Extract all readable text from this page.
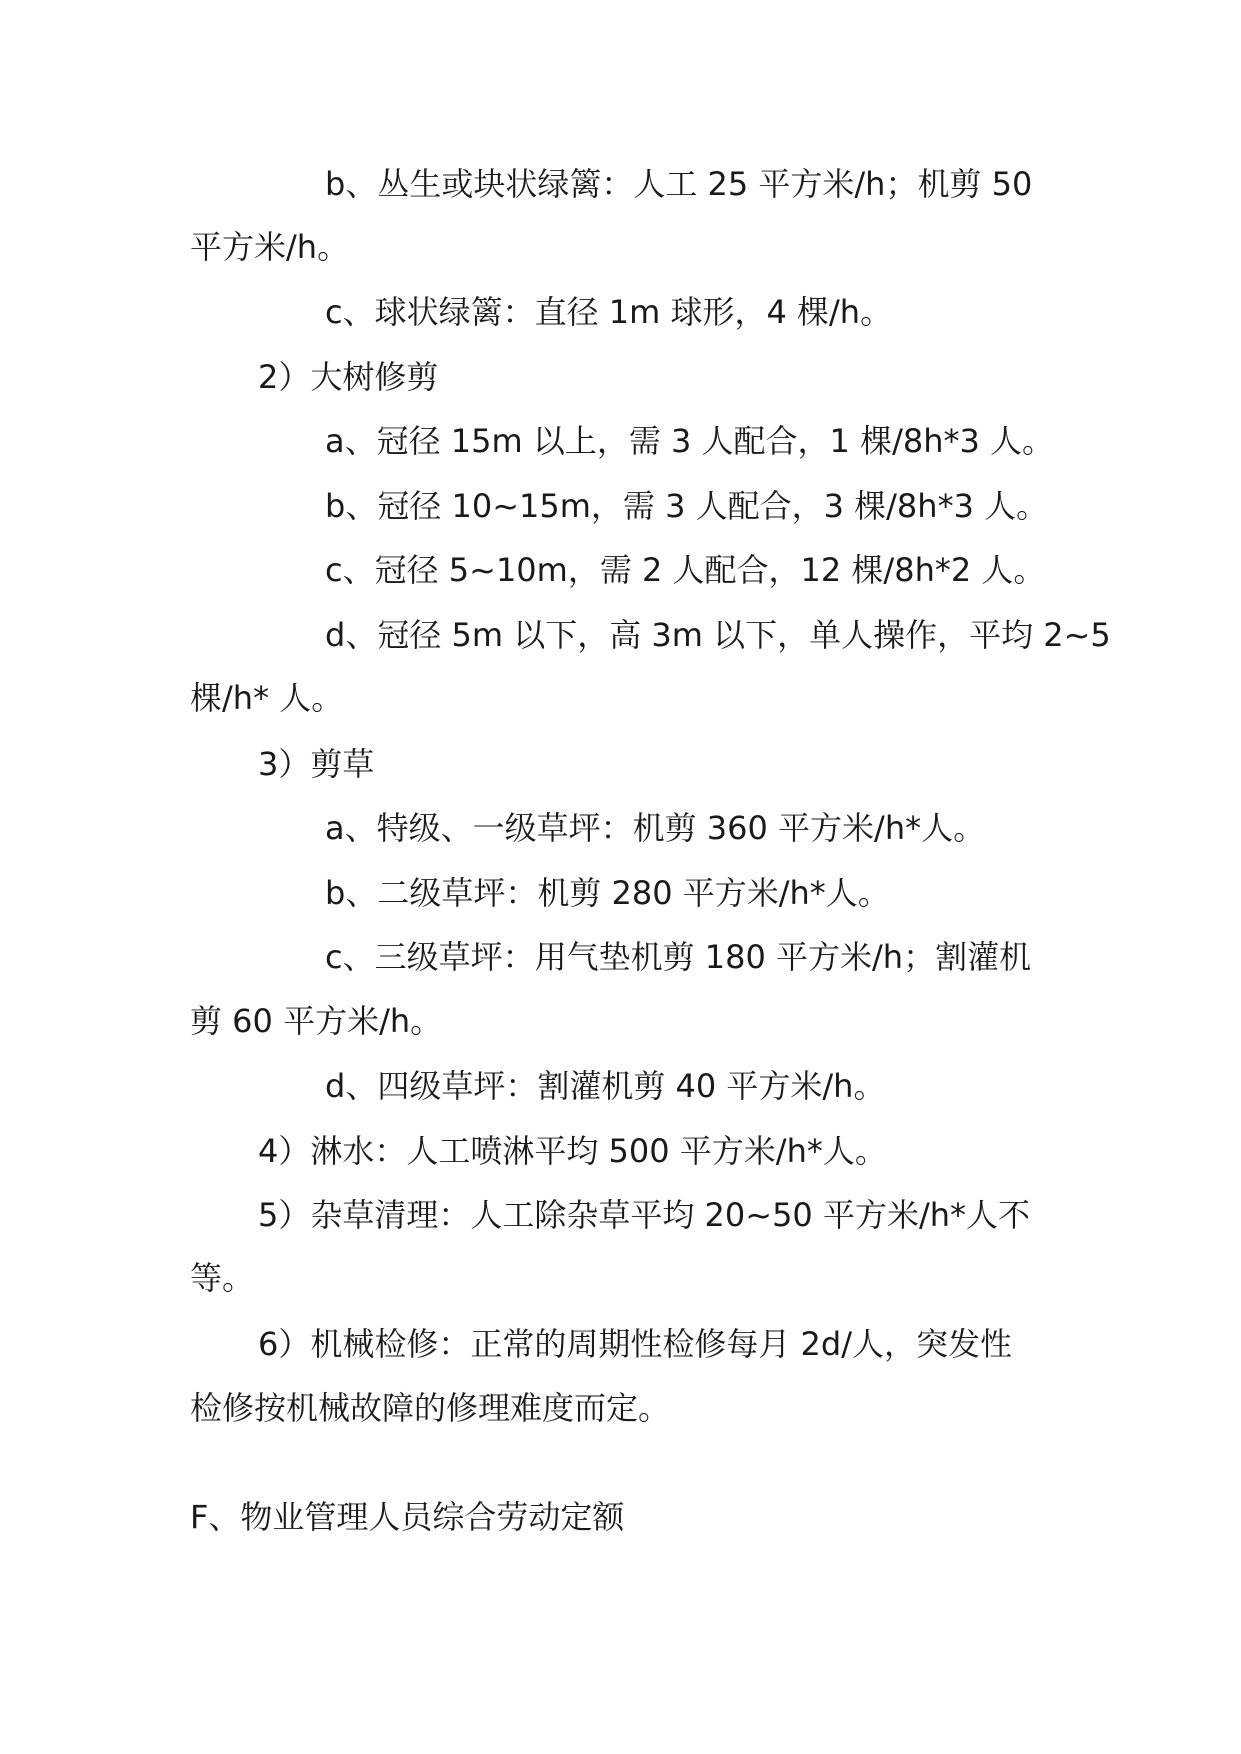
b、丛生或块状绿篱：人工 25 平方米/h；机剪 50
平方米/h。
c、球状绿篱：直径 1m 球形，4 棵/h。
2）大树修剪
a、冠径 15m 以上，需 3 人配合，1 棵/8h*3 人。
b、冠径 10~15m，需 3 人配合，3 棵/8h*3 人。
c、冠径 5~10m，需 2 人配合，12 棵/8h*2 人。
d、冠径 5m 以下，高 3m 以下，单人操作，平均 2~5
棵/h* 人。
3）剪草
a、特级、一级草坪：机剪 360 平方米/h*人。
b、二级草坪：机剪 280 平方米/h*人。
c、三级草坪：用气垫机剪 180 平方米/h；割灌机
剪 60 平方米/h。
d、四级草坪：割灌机剪 40 平方米/h。
4）淋水：人工喷淋平均 500 平方米/h*人。
5）杂草清理：人工除杂草平均 20~50 平方米/h*人不
等。
6）机械检修：正常的周期性检修每月 2d/人，突发性
检修按机械故障的修理难度而定。
F、物业管理人员综合劳动定额
